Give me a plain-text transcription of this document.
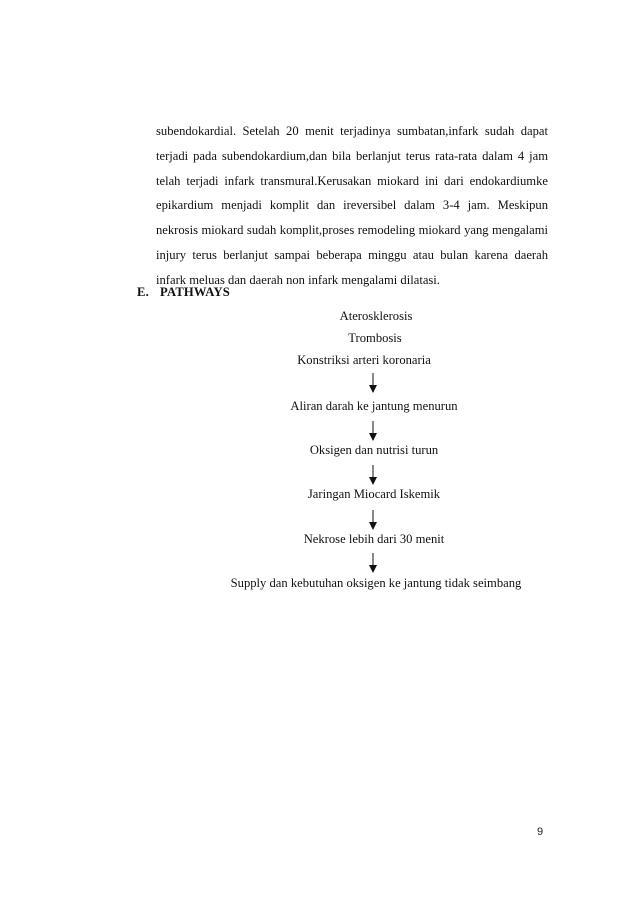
subendokardial. Setelah 20 menit terjadinya sumbatan,infark sudah dapat terjadi pada subendokardium,dan bila berlanjut terus rata-rata dalam 4 jam telah terjadi infark transmural.Kerusakan miokard ini dari endokardiumke epikardium menjadi komplit dan ireversibel dalam 3-4 jam. Meskipun nekrosis miokard sudah komplit,proses remodeling miokard yang mengalami injury terus berlanjut sampai beberapa minggu atau bulan karena daerah infark meluas dan daerah non infark mengalami dilatasi.

E. PATHWAYS

Aterosklerosis

Trombosis

Konstriksi arteri koronaria

Aliran darah ke jantung menurun

Oksigen dan nutrisi turun

Jaringan Miocard Iskemik

Nekrose lebih dari 30 menit

Supply dan kebutuhan oksigen ke jantung tidak seimbang

9
